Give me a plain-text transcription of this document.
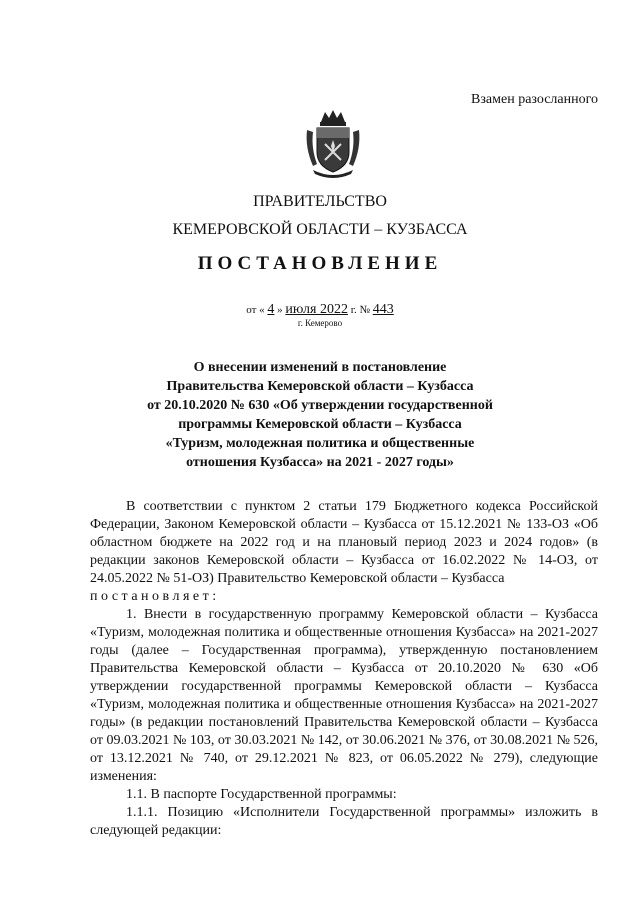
Взамен разосланного
ПРАВИТЕЛЬСТВО
КЕМЕРОВСКОЙ ОБЛАСТИ – КУЗБАССА
ПОСТАНОВЛЕНИЕ
от « 4 » июля 2022 г. № 443
г. Кемерово
О внесении изменений в постановление
Правительства Кемеровской области – Кузбасса
от 20.10.2020 № 630 «Об утверждении государственной
программы Кемеровской области – Кузбасса
«Туризм, молодежная политика и общественные
отношения Кузбасса» на 2021 - 2027 годы»

В соответствии с пунктом 2 статьи 179 Бюджетного кодекса Российской Федерации, Законом Кемеровской области – Кузбасса от 15.12.2021 № 133-ОЗ «Об областном бюджете на 2022 год и на плановый период 2023 и 2024 годов» (в редакции законов Кемеровской области – Кузбасса от 16.02.2022 № 14-ОЗ, от 24.05.2022 № 51-ОЗ) Правительство Кемеровской области – Кузбасса

постановляет:

1. Внести в государственную программу Кемеровской области – Кузбасса «Туризм, молодежная политика и общественные отношения Кузбасса» на 2021-2027 годы (далее – Государственная программа), утвержденную постановлением Правительства Кемеровской области – Кузбасса от 20.10.2020 № 630 «Об утверждении государственной программы Кемеровской области – Кузбасса «Туризм, молодежная политика и общественные отношения Кузбасса» на 2021-2027 годы» (в редакции постановлений Правительства Кемеровской области – Кузбасса от 09.03.2021 № 103, от 30.03.2021 № 142, от 30.06.2021 № 376, от 30.08.2021 № 526, от 13.12.2021 № 740, от 29.12.2021 № 823, от 06.05.2022 № 279), следующие изменения:

1.1. В паспорте Государственной программы:

1.1.1. Позицию «Исполнители Государственной программы» изложить в следующей редакции:
